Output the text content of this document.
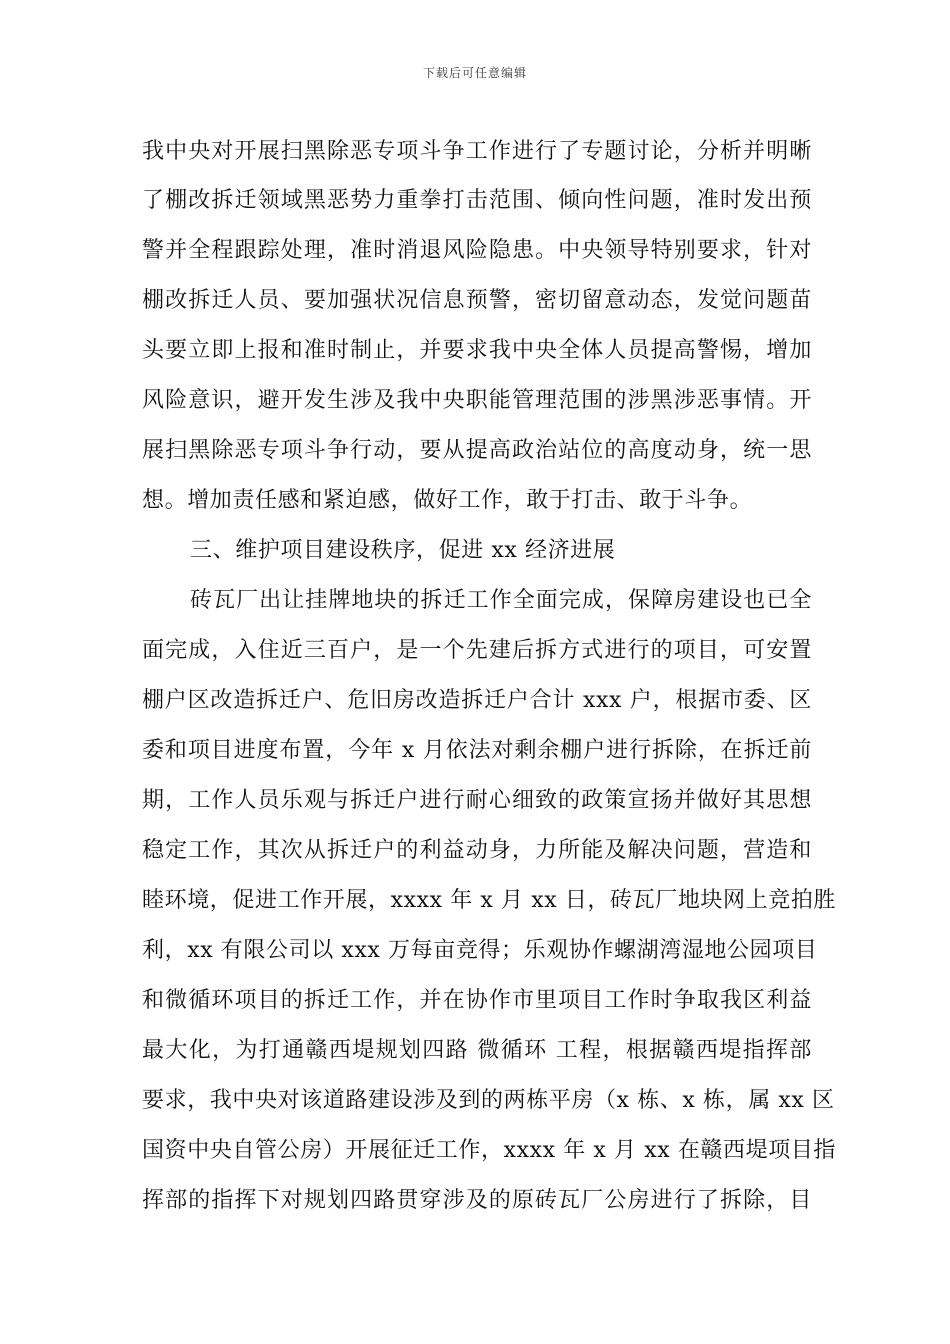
下载后可任意编辑
我中央对开展扫黑除恶专项斗争工作进行了专题讨论，分析并明晰
了棚改拆迁领域黑恶势力重拳打击范围、倾向性问题，准时发出预
警并全程跟踪处理，准时消退风险隐患。中央领导特别要求，针对
棚改拆迁人员、要加强状况信息预警，密切留意动态，发觉问题苗
头要立即上报和准时制止，并要求我中央全体人员提高警惕，增加
风险意识，避开发生涉及我中央职能管理范围的涉黑涉恶事情。开
展扫黑除恶专项斗争行动，要从提高政治站位的高度动身，统一思
想。增加责任感和紧迫感，做好工作，敢于打击、敢于斗争。
三、维护项目建设秩序，促进 xx 经济进展
砖瓦厂出让挂牌地块的拆迁工作全面完成，保障房建设也已全
面完成，入住近三百户，是一个先建后拆方式进行的项目，可安置
棚户区改造拆迁户、危旧房改造拆迁户合计 xxx 户，根据市委、区
委和项目进度布置，今年 x 月依法对剩余棚户进行拆除，在拆迁前
期，工作人员乐观与拆迁户进行耐心细致的政策宣扬并做好其思想
稳定工作，其次从拆迁户的利益动身，力所能及解决问题，营造和
睦环境，促进工作开展，xxxx 年 x 月 xx 日，砖瓦厂地块网上竞拍胜
利，xx 有限公司以 xxx 万每亩竞得；乐观协作螺湖湾湿地公园项目
和微循环项目的拆迁工作，并在协作市里项目工作时争取我区利益
最大化，为打通赣西堤规划四路 微循环 工程，根据赣西堤指挥部
要求，我中央对该道路建设涉及到的两栋平房（x 栋、x 栋，属 xx 区
国资中央自管公房）开展征迁工作，xxxx 年 x 月 xx 在赣西堤项目指
挥部的指挥下对规划四路贯穿涉及的原砖瓦厂公房进行了拆除，目
